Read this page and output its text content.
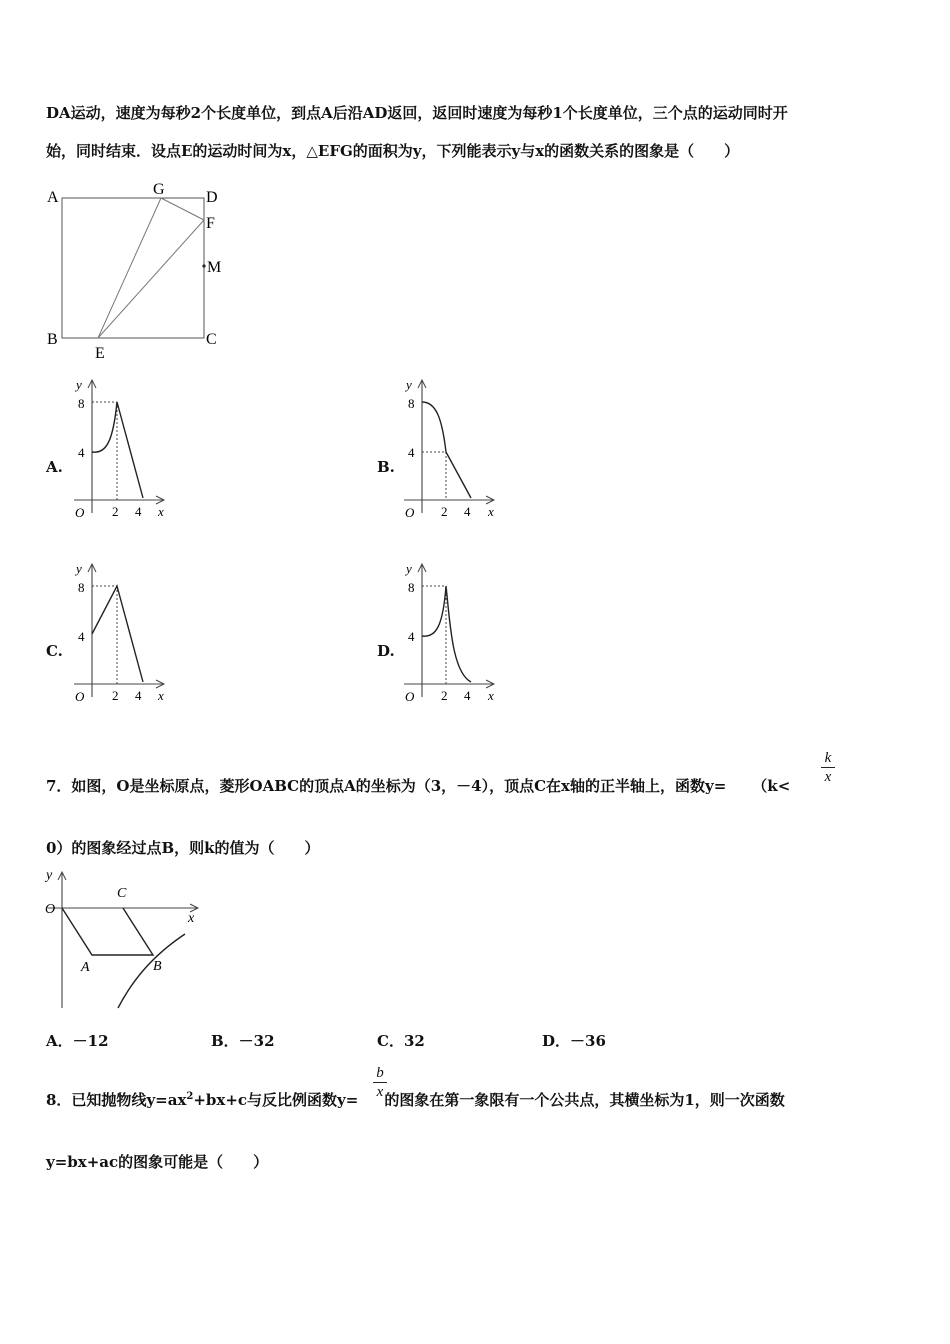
DA运动，速度为每秒2个长度单位，到点A后沿AD返回，返回时速度为每秒1个长度单位，三个点的运动同时开
始，同时结束．设点E的运动时间为x，△EFG的面积为y，下列能表示y与x的函数关系的图象是（　　）
A	G	D
F
M
B
E
C
A.	B.
C.	D.
y
8
4
O 2 4 x
y
8
4
O 2 4 x
y
8
4
O 2 4 x
y
8
4
O 2 4 x
7．如图，O是坐标原点，菱形OABC的顶点A的坐标为（3，－4），顶点C在x轴的正半轴上，函数$y= (k< \frac{k}{x}$
0）的图象经过点B，则k的值为（　　）
y
O
C
x
A	B
A．－12	B．－32	C．32	D．－36
8．已知抛物线$y=ax^2+bx+c$与反比例函数y= 的图象在第一象限有一个公共点，其横坐标为1，则一次函数
$\frac{b}{x}$
y=bx+ac的图象可能是（　　）
